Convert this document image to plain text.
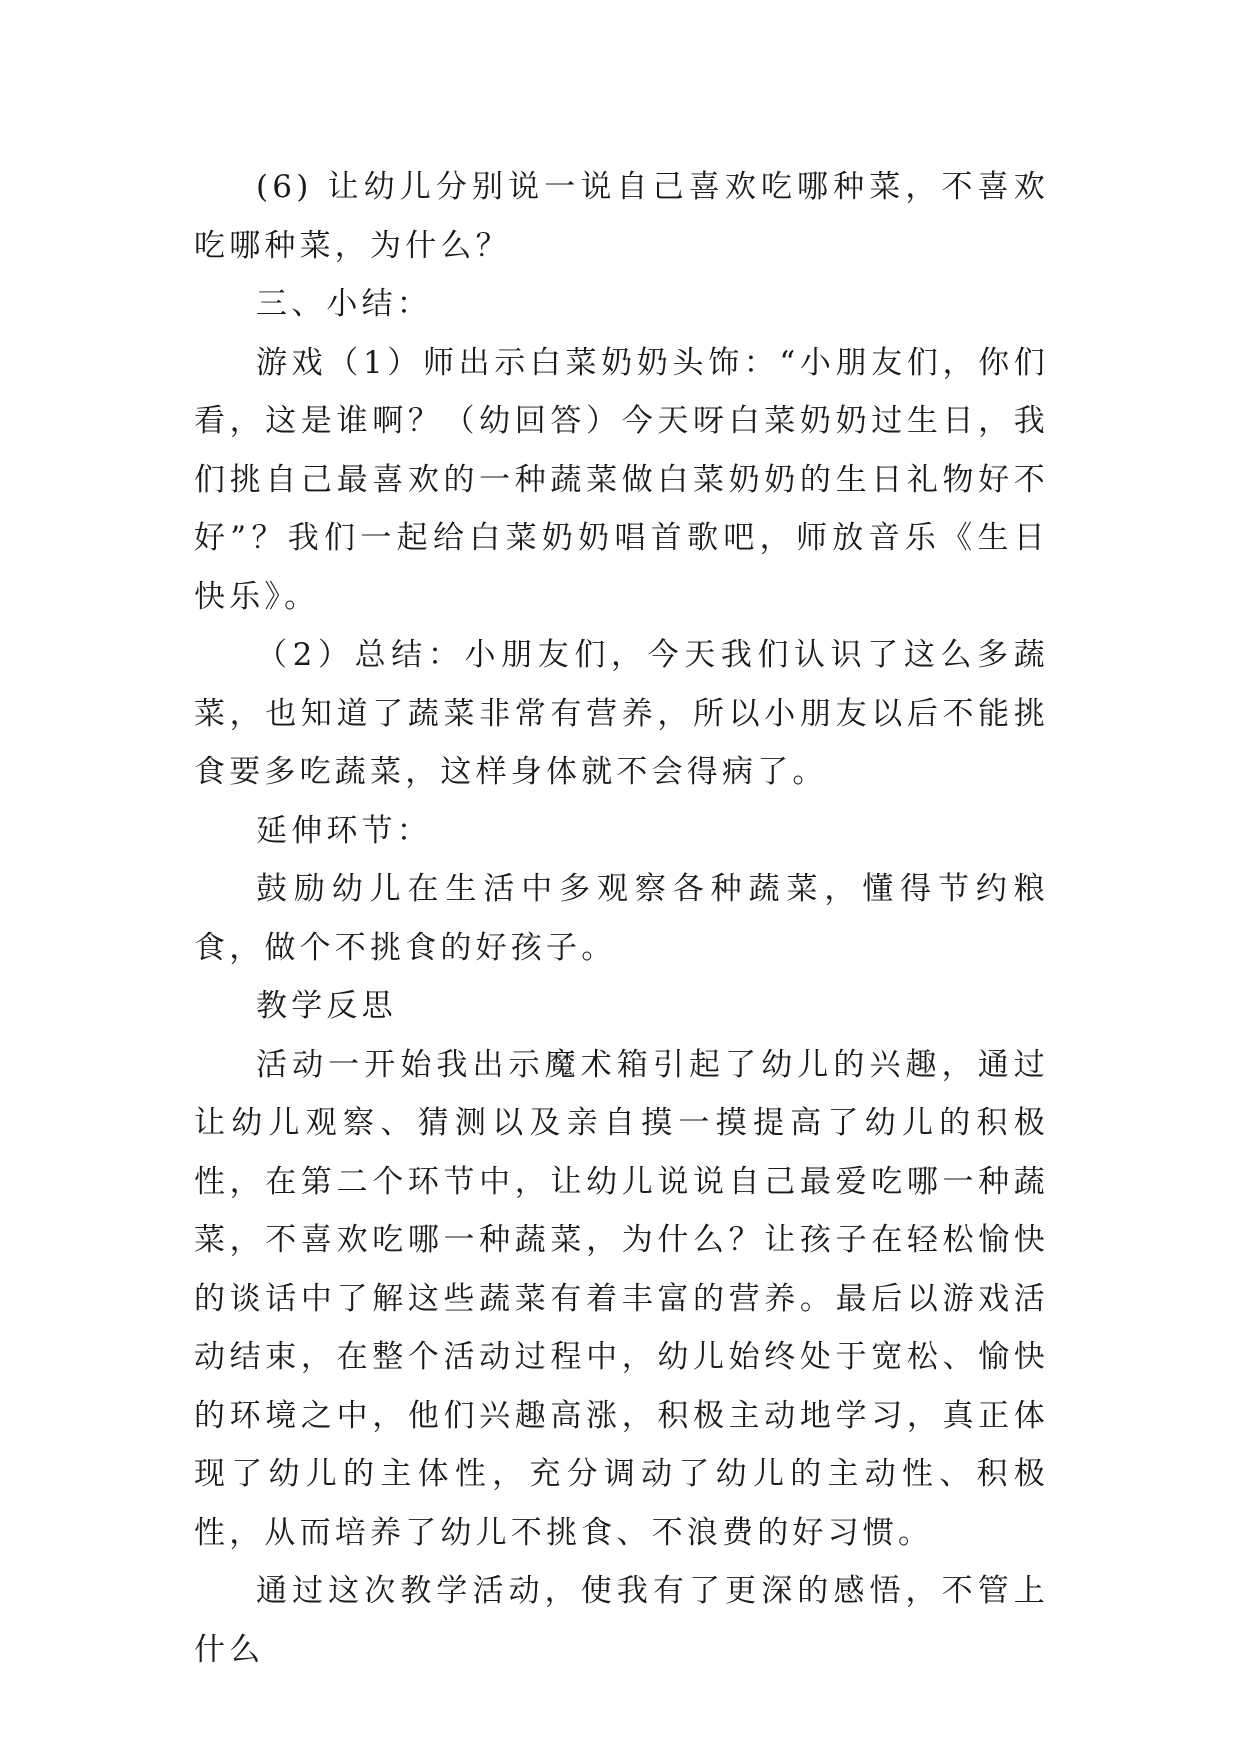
(6) 让幼儿分别说一说自己喜欢吃哪种菜，不喜欢吃哪种菜，为什么？

三、小结：

游戏（1）师出示白菜奶奶头饰：“小朋友们，你们看，这是谁啊？（幼回答）今天呀白菜奶奶过生日，我们挑自己最喜欢的一种蔬菜做白菜奶奶的生日礼物好不好”？我们一起给白菜奶奶唱首歌吧，师放音乐《生日快乐》。

（2）总结：小朋友们，今天我们认识了这么多蔬菜，也知道了蔬菜非常有营养，所以小朋友以后不能挑食要多吃蔬菜，这样身体就不会得病了。

延伸环节：

鼓励幼儿在生活中多观察各种蔬菜，懂得节约粮食，做个不挑食的好孩子。

教学反思

活动一开始我出示魔术箱引起了幼儿的兴趣，通过让幼儿观察、猜测以及亲自摸一摸提高了幼儿的积极性，在第二个环节中，让幼儿说说自己最爱吃哪一种蔬菜，不喜欢吃哪一种蔬菜，为什么？让孩子在轻松愉快的谈话中了解这些蔬菜有着丰富的营养。最后以游戏活动结束，在整个活动过程中，幼儿始终处于宽松、愉快的环境之中，他们兴趣高涨，积极主动地学习，真正体现了幼儿的主体性，充分调动了幼儿的主动性、积极性，从而培养了幼儿不挑食、不浪费的好习惯。

通过这次教学活动，使我有了更深的感悟，不管上什么
